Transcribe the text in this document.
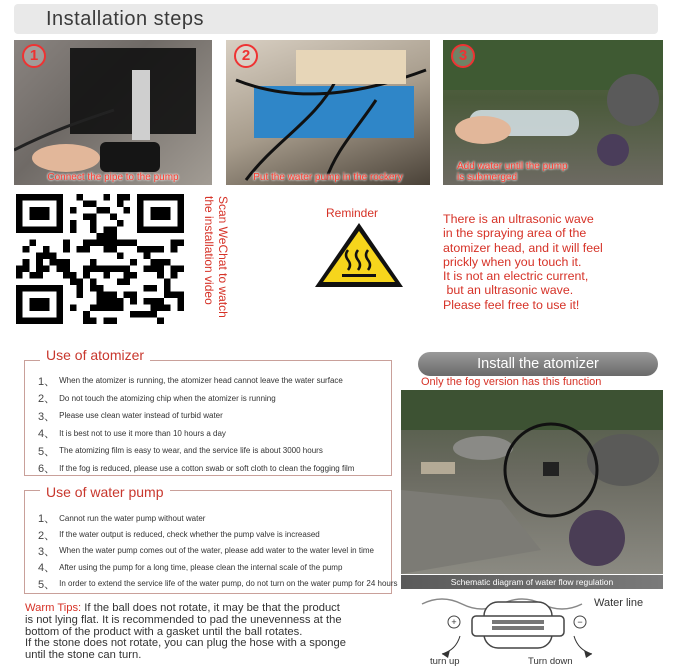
Installation steps
1
Connect the pipe to the pump
2
Put the water pump in the rockery
3
Add water until the pump
is submerged
Scan WeChat to watch the installation video	Reminder	There is an ultrasonic wave
in the spraying area of the
atomizer head, and it will feel
prickly when you touch it.
It is not an electric current,
but an ultrasonic wave.
Please feel free to use it!
Use of atomizer
1、 When the atomizer is running, the atomizer head cannot leave the water surface
2、 Do not touch the atomizing chip when the atomizer is running
3、 Please use clean water instead of turbid water
4、 It is best not to use it more than 10 hours a day
5、 The atomizing film is easy to wear, and the service life is about 3000 hours
6、 If the fog is reduced, please use a cotton swab or soft cloth to clean the fogging film
Use of water pump
1、 Cannot run the water pump without water
2、 If the water output is reduced, check whether the pump valve is increased
3、 When the water pump comes out of the water, please add water to the water level in time
4、 After using the pump for a long time, please clean the internal scale of the pump
5、 In order to extend the service life of the water pump, do not turn on the water pump for 24 hours
Warm Tips: If the ball does not rotate, it may be that the product
is not lying flat. It is recommended to pad the unevenness at the
bottom of the product with a gasket until the ball rotates.
If the stone does not rotate, you can plug the hose with a sponge
until the stone can turn.
Install the atomizer
Only the fog version has this function
Schematic diagram of water flow regulation
+	−
Water line
turn up	Turn down
